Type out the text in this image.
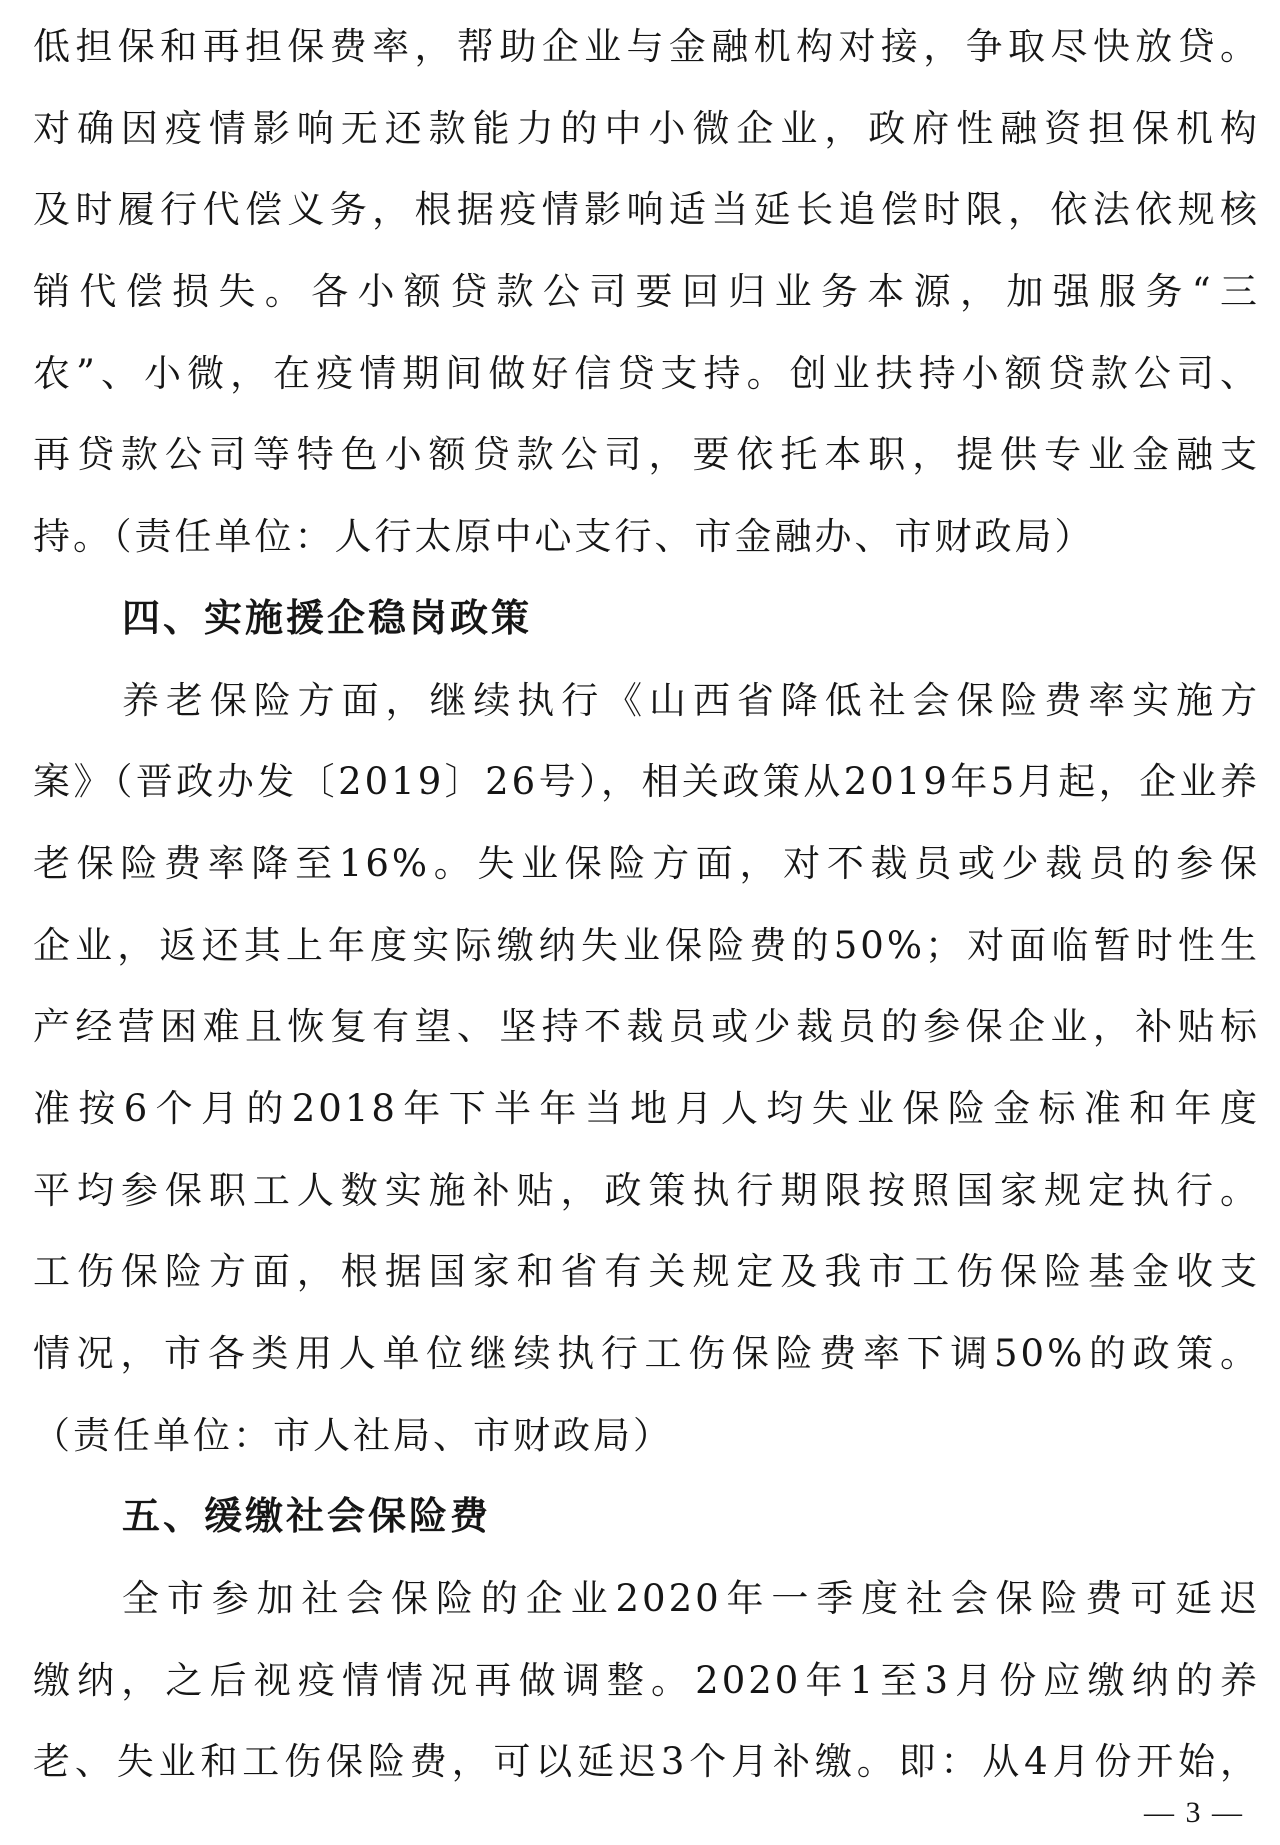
低担保和再担保费率，帮助企业与金融机构对接，争取尽快放贷。
对确因疫情影响无还款能力的中小微企业，政府性融资担保机构
及时履行代偿义务，根据疫情影响适当延长追偿时限，依法依规核
销代偿损失。各小额贷款公司要回归业务本源，加强服务“三
农”、小微，在疫情期间做好信贷支持。创业扶持小额贷款公司、
再贷款公司等特色小额贷款公司，要依托本职，提供专业金融支
持。（责任单位：人行太原中心支行、市金融办、市财政局）
四、实施援企稳岗政策
养老保险方面，继续执行《山西省降低社会保险费率实施方
案》（晋政办发〔2019〕26号），相关政策从2019年5月起，企业养
老保险费率降至16%。失业保险方面，对不裁员或少裁员的参保
企业，返还其上年度实际缴纳失业保险费的50%；对面临暂时性生
产经营困难且恢复有望、坚持不裁员或少裁员的参保企业，补贴标
准按6个月的2018年下半年当地月人均失业保险金标准和年度
平均参保职工人数实施补贴，政策执行期限按照国家规定执行。
工伤保险方面，根据国家和省有关规定及我市工伤保险基金收支
情况，市各类用人单位继续执行工伤保险费率下调50%的政策。
（责任单位：市人社局、市财政局）
五、缓缴社会保险费
全市参加社会保险的企业2020年一季度社会保险费可延迟
缴纳，之后视疫情情况再做调整。2020年1至3月份应缴纳的养
老、失业和工伤保险费，可以延迟3个月补缴。即：从4月份开始，
— 3 —
